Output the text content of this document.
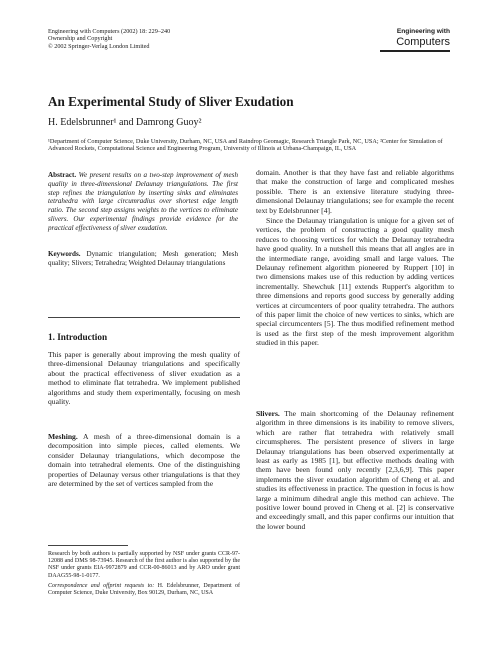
Engineering with Computers (2002) 18: 229–240
Ownership and Copyright
© 2002 Springer-Verlag London Limited
Engineering with
Computers
An Experimental Study of Sliver Exudation
H. Edelsbrunner¹ and Damrong Guoy²
¹Department of Computer Science, Duke University, Durham, NC, USA and Raindrop Geomagic, Research Triangle Park, NC, USA; ²Center for Simulation of Advanced Rockets, Computational Science and Engineering Program, University of Illinois at Urbana-Champaign, IL, USA
Abstract. We present results on a two-step improvement of mesh quality in three-dimensional Delaunay triangulations. The first step refines the triangulation by inserting sinks and eliminates tetrahedra with large circumradius over shortest edge length ratio. The second step assigns weights to the vertices to eliminate slivers. Our experimental findings provide evidence for the practical effectiveness of sliver exudation.
Keywords. Dynamic triangulation; Mesh generation; Mesh quality; Slivers; Tetrahedra; Weighted Delaunay triangulations
1. Introduction
This paper is generally about improving the mesh quality of three-dimensional Delaunay triangulations and specifically about the practical effectiveness of sliver exudation as a method to eliminate flat tetrahedra. We implement published algorithms and study them experimentally, focusing on mesh quality.
Meshing. A mesh of a three-dimensional domain is a decomposition into simple pieces, called elements. We consider Delaunay triangulations, which decompose the domain into tetrahedral elements. One of the distinguishing properties of Delaunay versus other triangulations is that they are determined by the set of vertices sampled from the
Research by both authors is partially supported by NSF under grants CCR-97-12088 and DMS 98-73945. Research of the first author is also supported by the NSF under grants EIA-9972879 and CCR-00-86013 and by ARO under grant DAAG55-98-1-0177.
Correspondence and offprint requests to: H. Edelsbrunner, Department of Computer Science, Duke University, Box 90129, Durham, NC, USA
domain. Another is that they have fast and reliable algorithms that make the construction of large and complicated meshes possible. There is an extensive literature studying three-dimensional Delaunay triangulations; see for example the recent text by Edelsbrunner [4].
Since the Delaunay triangulation is unique for a given set of vertices, the problem of constructing a good quality mesh reduces to choosing vertices for which the Delaunay tetrahedra have good quality. In a nutshell this means that all angles are in the intermediate range, avoiding small and large values. The Delaunay refinement algorithm pioneered by Ruppert [10] in two dimensions makes use of this reduction by adding vertices incrementally. Shewchuk [11] extends Ruppert's algorithm to three dimensions and reports good success by generally adding vertices at circumcenters of poor quality tetrahedra. The authors of this paper limit the choice of new vertices to sinks, which are special circumcenters [5]. The thus modified refinement method is used as the first step of the mesh improvement algorithm studied in this paper.
Slivers. The main shortcoming of the Delaunay refinement algorithm in three dimensions is its inability to remove slivers, which are rather flat tetrahedra with relatively small circumspheres. The persistent presence of slivers in large Delaunay triangulations has been observed experimentally at least as early as 1985 [1], but effective methods dealing with them have been found only recently [2,3,6,9]. This paper implements the sliver exudation algorithm of Cheng et al. and studies its effectiveness in practice. The question in focus is how large a minimum dihedral angle this method can achieve. The positive lower bound proved in Cheng et al. [2] is conservative and exceedingly small, and this paper confirms our intuition that the lower bound
